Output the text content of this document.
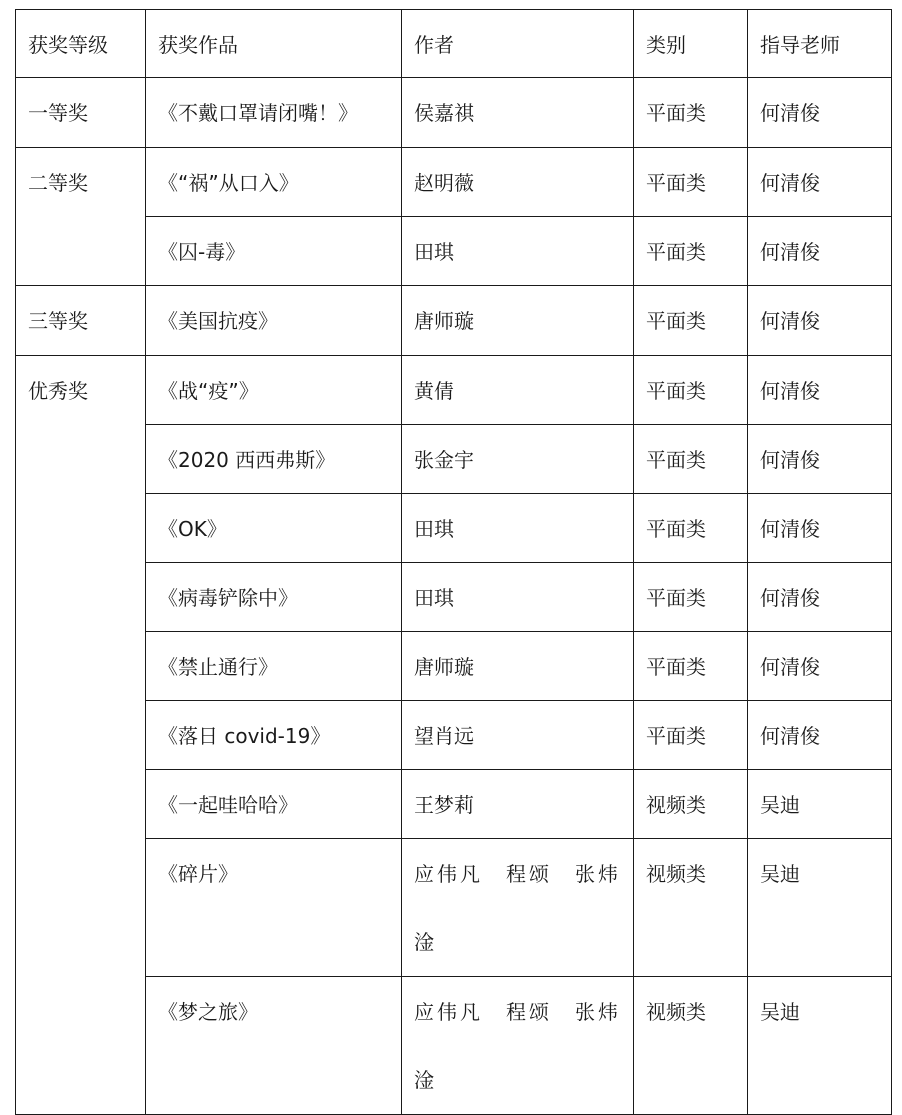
获奖等级	获奖作品	作者	类别	指导老师
一等奖	《不戴口罩请闭嘴！》	侯嘉祺	平面类	何清俊
二等奖	《“祸”从口入》	赵明薇	平面类	何清俊
	《囚-毒》	田琪	平面类	何清俊
三等奖	《美国抗疫》	唐师璇	平面类	何清俊
优秀奖	《战“疫”》	黄倩	平面类	何清俊
	《2020 西西弗斯》	张金宇	平面类	何清俊
	《OK》	田琪	平面类	何清俊
	《病毒铲除中》	田琪	平面类	何清俊
	《禁止通行》	唐师璇	平面类	何清俊
	《落日 covid-19》	望肖远	平面类	何清俊
	《一起哇哈哈》	王梦莉	视频类	吴迪
	《碎片》	应伟凡　程颂　张炜淦	视频类	吴迪
	《梦之旅》	应伟凡　程颂　张炜淦	视频类	吴迪
